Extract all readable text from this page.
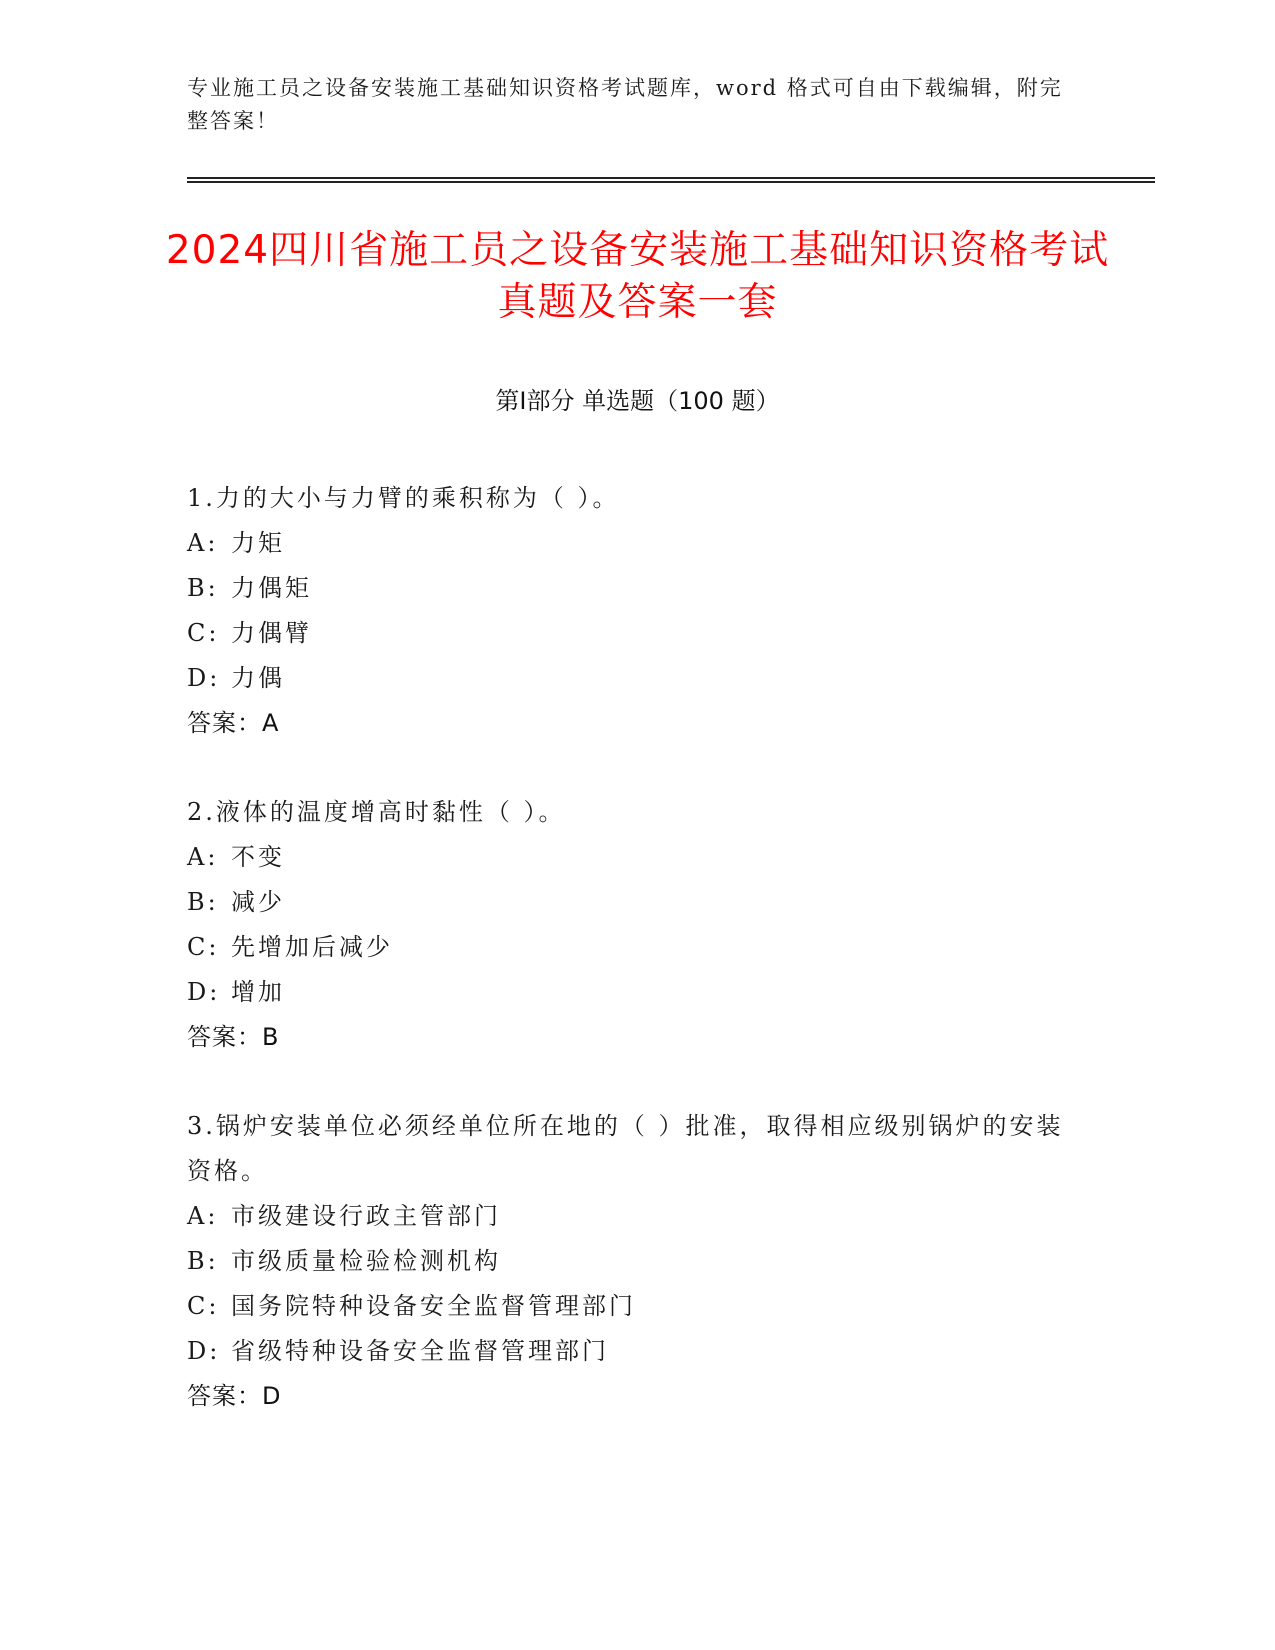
专业施工员之设备安装施工基础知识资格考试题库，word 格式可自由下载编辑，附完整答案！
2024四川省施工员之设备安装施工基础知识资格考试真题及答案一套
第Ⅰ部分 单选题（100 题）
1.力的大小与力臂的乘积称为（ ）。
A: 力矩
B: 力偶矩
C: 力偶臂
D: 力偶
答案：A
2.液体的温度增高时黏性（ ）。
A: 不变
B: 减少
C: 先增加后减少
D: 增加
答案：B
3.锅炉安装单位必须经单位所在地的（ ）批准，取得相应级别锅炉的安装资格。
A: 市级建设行政主管部门
B: 市级质量检验检测机构
C: 国务院特种设备安全监督管理部门
D: 省级特种设备安全监督管理部门
答案：D
